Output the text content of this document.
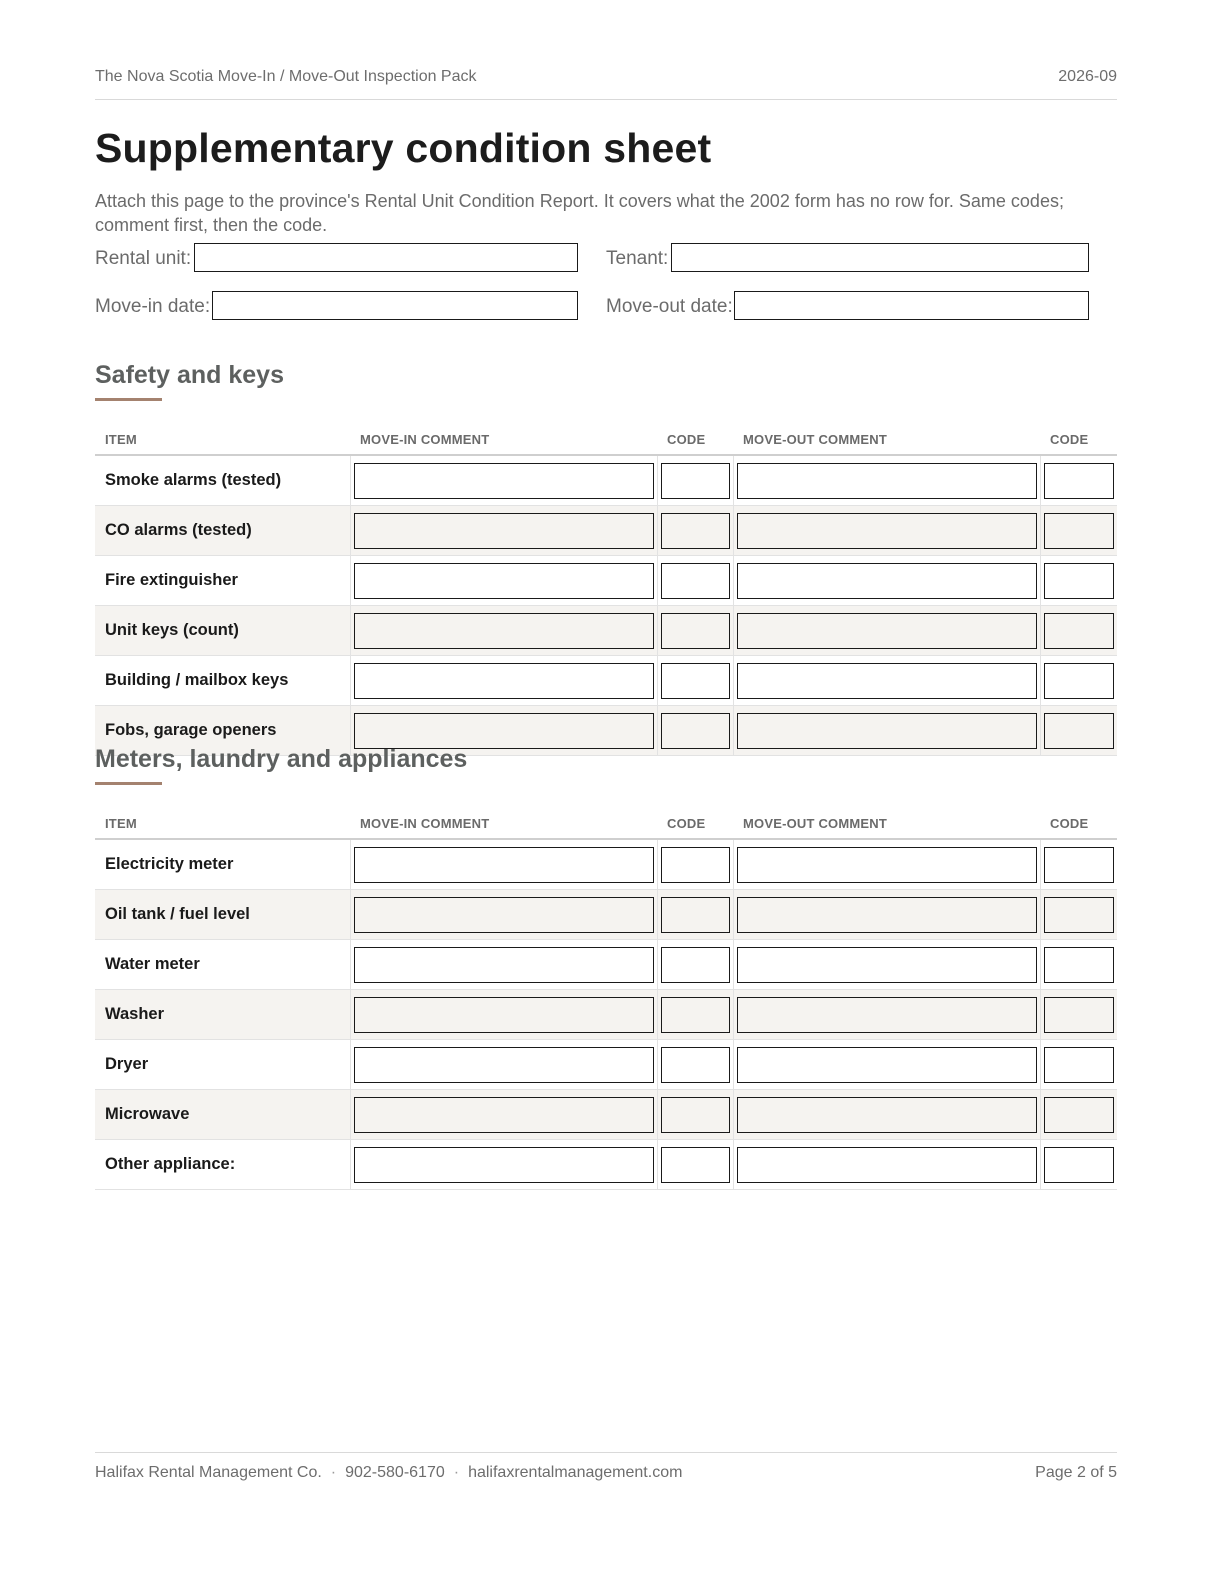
The Nova Scotia Move-In / Move-Out Inspection Pack	2026-09
Supplementary condition sheet

Attach this page to the province's Rental Unit Condition Report. It covers what the 2002 form has no row for. Same codes; comment first, then the code.

Rental unit:	Tenant:
Move-in date:	Move-out date:
Safety and keys
ITEM	MOVE-IN COMMENT	CODE	MOVE-OUT COMMENT	CODE
Smoke alarms (tested)	

CO alarms (tested)	

Fire extinguisher	

Unit keys (count)	

Building / mailbox keys	

Fobs, garage openers	

Meters, laundry and appliances
ITEM	MOVE-IN COMMENT	CODE	MOVE-OUT COMMENT	CODE
Electricity meter	

Oil tank / fuel level	

Water meter	

Washer	

Dryer	

Microwave	

Other appliance:	

Halifax Rental Management Co. · 902-580-6170 · halifaxrentalmanagement.com	Page 2 of 5
